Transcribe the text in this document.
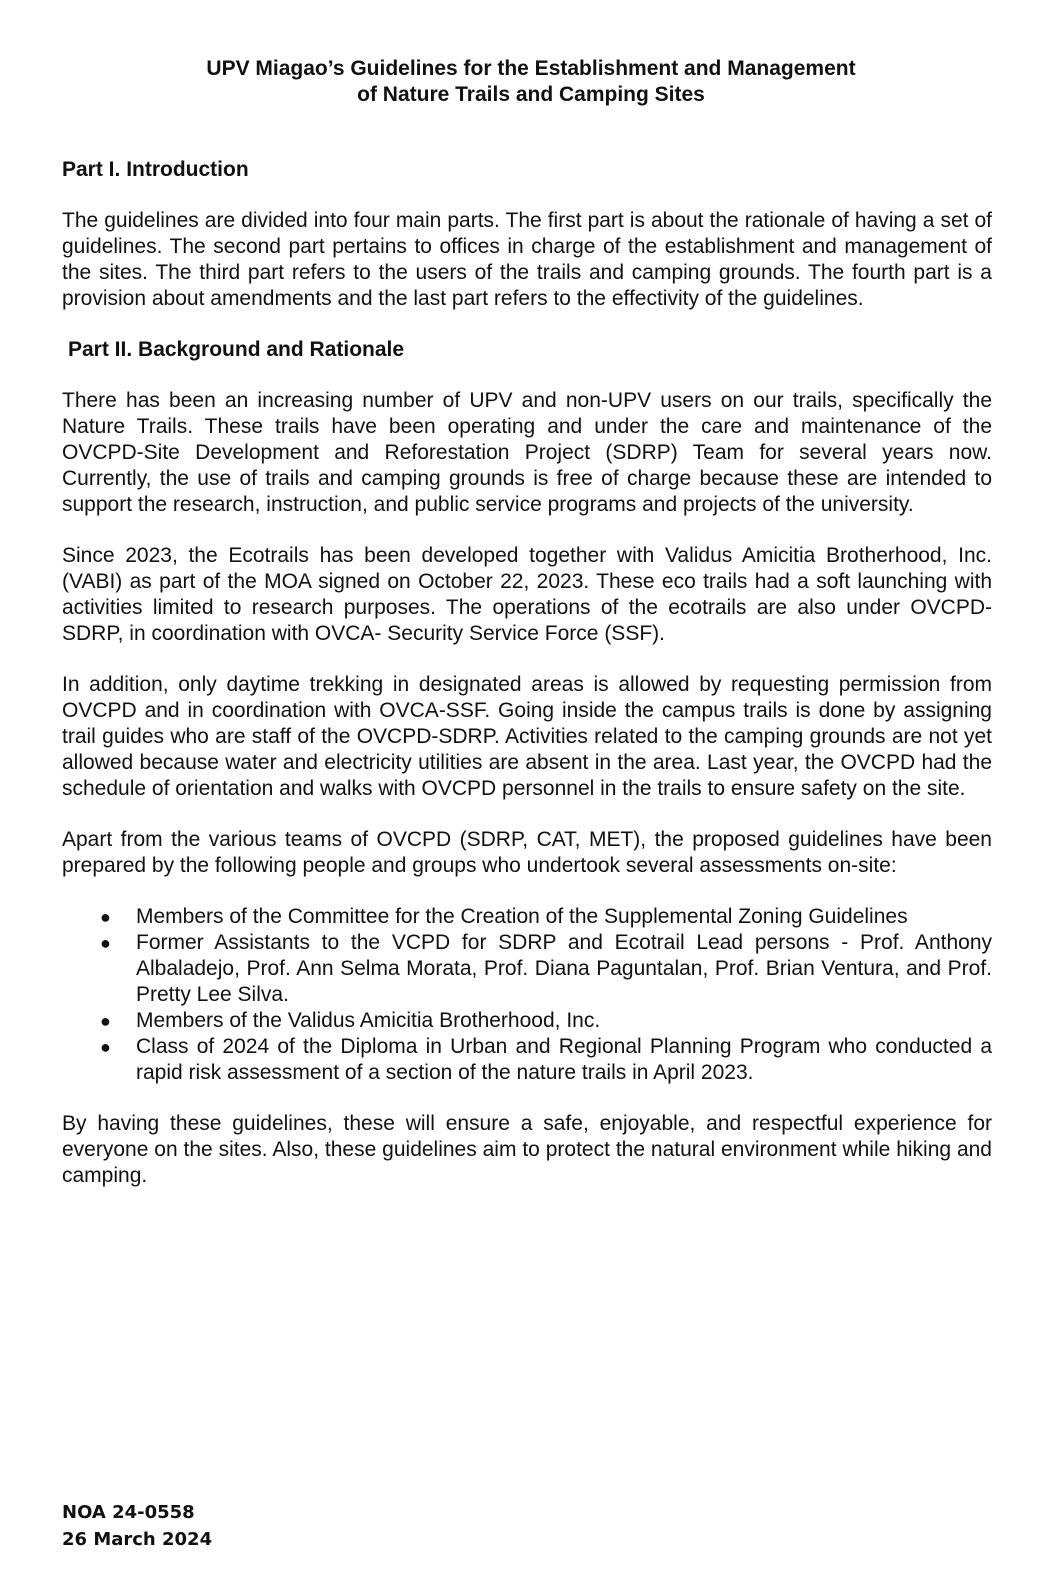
UPV Miagao’s Guidelines for the Establishment and Management
of Nature Trails and Camping Sites

Part I. Introduction

The guidelines are divided into four main parts. The first part is about the rationale of having a set of guidelines. The second part pertains to offices in charge of the establishment and management of the sites. The third part refers to the users of the trails and camping grounds. The fourth part is a provision about amendments and the last part refers to the effectivity of the guidelines.

Part II. Background and Rationale

There has been an increasing number of UPV and non-UPV users on our trails, specifically the Nature Trails. These trails have been operating and under the care and maintenance of the OVCPD-Site Development and Reforestation Project (SDRP) Team for several years now. Currently, the use of trails and camping grounds is free of charge because these are intended to support the research, instruction, and public service programs and projects of the university.

Since 2023, the Ecotrails has been developed together with Validus Amicitia Brotherhood, Inc. (VABI) as part of the MOA signed on October 22, 2023. These eco trails had a soft launching with activities limited to research purposes. The operations of the ecotrails are also under OVCPD-SDRP, in coordination with OVCA- Security Service Force (SSF).

In addition, only daytime trekking in designated areas is allowed by requesting permission from OVCPD and in coordination with OVCA-SSF. Going inside the campus trails is done by assigning trail guides who are staff of the OVCPD-SDRP. Activities related to the camping grounds are not yet allowed because water and electricity utilities are absent in the area. Last year, the OVCPD had the schedule of orientation and walks with OVCPD personnel in the trails to ensure safety on the site.

Apart from the various teams of OVCPD (SDRP, CAT, MET), the proposed guidelines have been prepared by the following people and groups who undertook several assessments on-site:

● Members of the Committee for the Creation of the Supplemental Zoning Guidelines
● Former Assistants to the VCPD for SDRP and Ecotrail Lead persons - Prof. Anthony Albaladejo, Prof. Ann Selma Morata, Prof. Diana Paguntalan, Prof. Brian Ventura, and Prof. Pretty Lee Silva.
● Members of the Validus Amicitia Brotherhood, Inc.
● Class of 2024 of the Diploma in Urban and Regional Planning Program who conducted a rapid risk assessment of a section of the nature trails in April 2023.

By having these guidelines, these will ensure a safe, enjoyable, and respectful experience for everyone on the sites. Also, these guidelines aim to protect the natural environment while hiking and camping.

NOA 24-0558
26 March 2024
